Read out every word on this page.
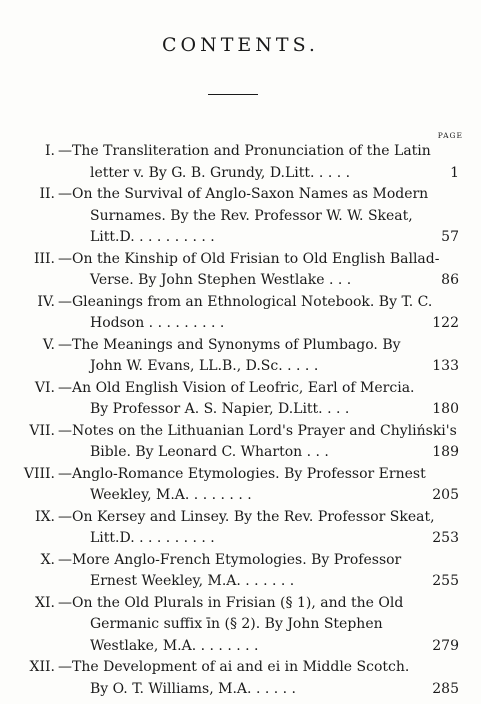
CONTENTS.
PAGE
I. —The Transliteration and Pronunciation of the Latin
letter v. By G. B. Grundy, D.Litt. . . . .	1
II. —On the Survival of Anglo-Saxon Names as Modern
Surnames. By the Rev. Professor W. W. Skeat,
Litt.D. . . . . . . . . .	57
III. —On the Kinship of Old Frisian to Old English Ballad-
Verse. By John Stephen Westlake . . .	86
IV. —Gleanings from an Ethnological Notebook. By T. C.
Hodson . . . . . . . . .	122
V. —The Meanings and Synonyms of Plumbago. By
John W. Evans, LL.B., D.Sc. . . . .	133
VI. —An Old English Vision of Leofric, Earl of Mercia.
By Professor A. S. Napier, D.Litt. . . .	180
VII. —Notes on the Lithuanian Lord's Prayer and Chyliński's
Bible. By Leonard C. Wharton . . .	189
VIII. —Anglo-Romance Etymologies. By Professor Ernest
Weekley, M.A. . . . . . . .	205
IX. —On Kersey and Linsey. By the Rev. Professor Skeat,
Litt.D. . . . . . . . . .	253
X. —More Anglo-French Etymologies. By Professor
Ernest Weekley, M.A. . . . . . .	255
XI. —On the Old Plurals in Frisian (§ 1), and the Old
Germanic suffix īn (§ 2). By John Stephen
Westlake, M.A. . . . . . . .	279
XII. —The Development of ai and ei in Middle Scotch.
By O. T. Williams, M.A. . . . . .	285
